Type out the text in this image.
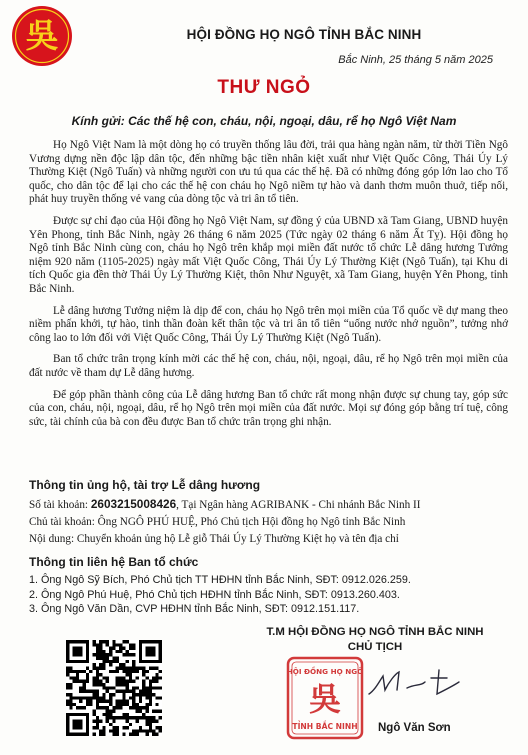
吳	HỘI ĐỒNG HỌ NGÔ TỈNH BẮC NINH
Bắc Ninh, 25 tháng 5 năm 2025
THƯ NGỎ
Kính gửi: Các thế hệ con, cháu, nội, ngoại, dâu, rể họ Ngô Việt Nam

Họ Ngô Việt Nam là một dòng họ có truyền thống lâu đời, trải qua hàng ngàn năm, từ thời Tiền Ngô Vương dựng nền độc lập dân tộc, đến những bậc tiền nhân kiệt xuất như Việt Quốc Công, Thái Úy Lý Thường Kiệt (Ngô Tuấn) và những người con ưu tú qua các thế hệ. Đã có những đóng góp lớn lao cho Tổ quốc, cho dân tộc để lại cho các thế hệ con cháu họ Ngô niềm tự hào và danh thơm muôn thuở, tiếp nối, phát huy truyền thống vẻ vang của dòng tộc và tri ân tổ tiên.

Được sự chỉ đạo của Hội đồng họ Ngô Việt Nam, sự đồng ý của UBND xã Tam Giang, UBND huyện Yên Phong, tỉnh Bắc Ninh, ngày 26 tháng 6 năm 2025 (Tức ngày 02 tháng 6 năm Ất Tỵ). Hội đồng họ Ngô tỉnh Bắc Ninh cùng con, cháu họ Ngô trên khắp mọi miền đất nước tổ chức Lễ dâng hương Tưởng niệm 920 năm (1105-2025) ngày mất Việt Quốc Công, Thái Úy Lý Thường Kiệt (Ngô Tuấn), tại Khu di tích Quốc gia đền thờ Thái Úy Lý Thường Kiệt, thôn Như Nguyệt, xã Tam Giang, huyện Yên Phong, tỉnh Bắc Ninh.

Lễ dâng hương Tưởng niệm là dịp để con, cháu họ Ngô trên mọi miền của Tổ quốc về dự mang theo niềm phấn khởi, tự hào, tinh thần đoàn kết thân tộc và tri ân tổ tiên “uống nước nhớ nguồn”, tưởng nhớ công lao to lớn đối với Việt Quốc Công, Thái Úy Lý Thường Kiệt (Ngô Tuấn).

Ban tổ chức trân trọng kính mời các thế hệ con, cháu, nội, ngoại, dâu, rể họ Ngô trên mọi miền của đất nước về tham dự Lễ dâng hương.

Để góp phần thành công của Lễ dâng hương Ban tổ chức rất mong nhận được sự chung tay, góp sức của con, cháu, nội, ngoại, dâu, rể họ Ngô trên mọi miền của đất nước. Mọi sự đóng góp bằng trí tuệ, công sức, tài chính của bà con đều được Ban tổ chức trân trọng ghi nhận.

Thông tin ủng hộ, tài trợ Lễ dâng hương
Số tài khoản: 2603215008426, Tại Ngân hàng AGRIBANK - Chi nhánh Bắc Ninh II
Chủ tài khoản: Ông NGÔ PHÚ HUỆ, Phó Chủ tịch Hội đồng họ Ngô tỉnh Bắc Ninh
Nội dung: Chuyển khoản ủng hộ Lễ giỗ Thái Úy Lý Thường Kiệt họ và tên địa chỉ
Thông tin liên hệ Ban tổ chức
1. Ông Ngô Sỹ Bích, Phó Chủ tịch TT HĐHN tỉnh Bắc Ninh, SĐT: 0912.026.259.
2. Ông Ngô Phú Huệ, Phó Chủ tịch HĐHN tỉnh Bắc Ninh, SĐT: 0913.260.403.
3. Ông Ngô Văn Dần, CVP HĐHN tỉnh Bắc Ninh, SĐT: 0912.151.117.
T.M HỘI ĐỒNG HỌ NGÔ TỈNH BẮC NINH
CHỦ TỊCH
HỘI ĐỒNG HỌ NGÔ
吳
TỈNH BẮC NINH Ngô Văn Sơn
